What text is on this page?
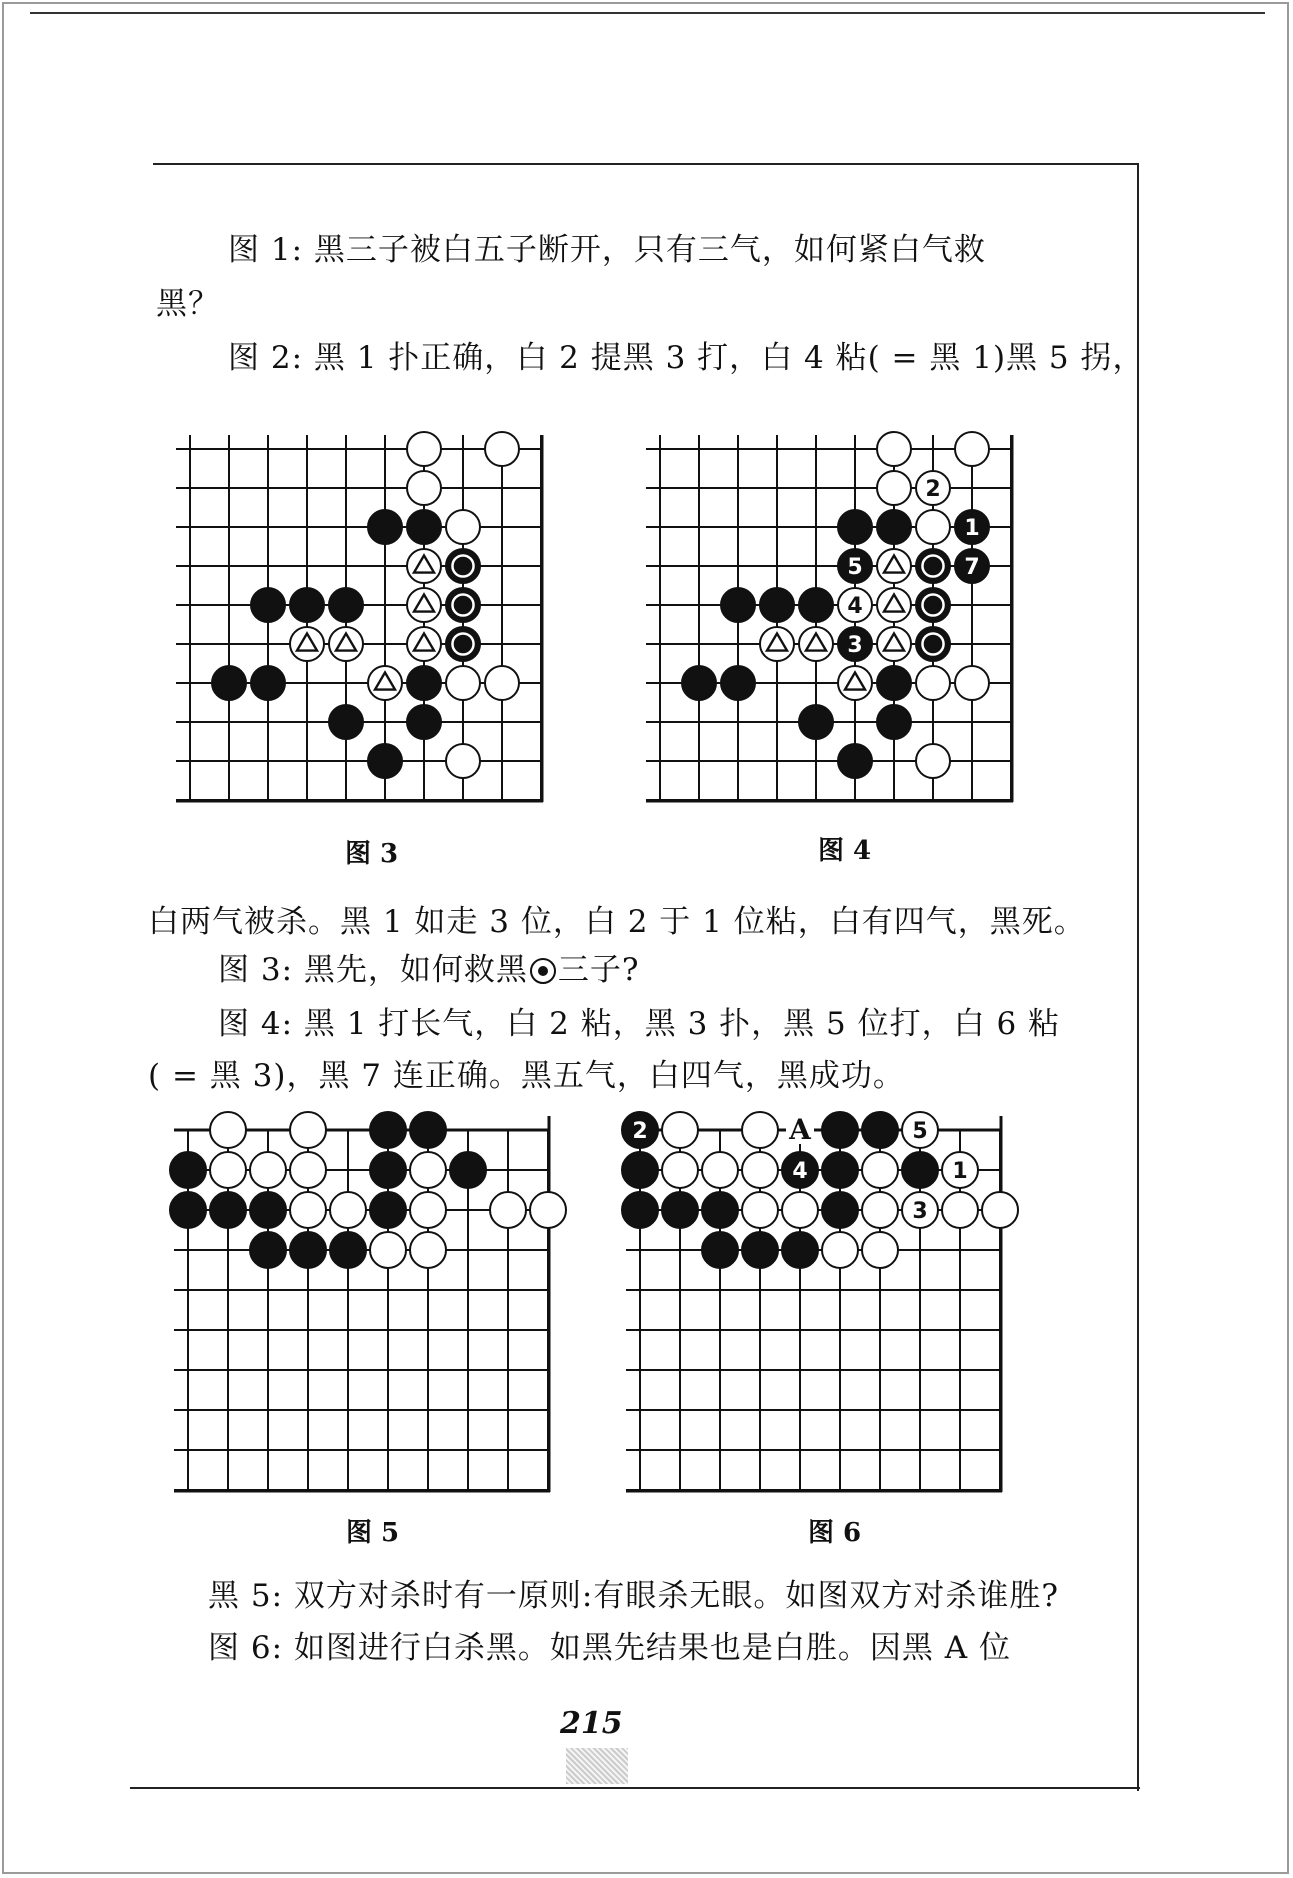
图 1: 黑三子被白五子断开，只有三气，如何紧白气救
黑？
图 2: 黑 1 扑正确，白 2 提黑 3 打，白 4 粘( = 黑 1)黑 5 拐，
2
1
5	7
4
3
图 3	图 4
白两气被杀。黑 1 如走 3 位，白 2 于 1 位粘，白有四气，黑死。
图 3: 黑先，如何救黑 三子?
图 4: 黑 1 打长气，白 2 粘，黑 3 扑，黑 5 位打，白 6 粘
( = 黑 3)，黑 7 连正确。黑五气，白四气，黑成功。
A
2	5
4	1
3
图 5	图 6
黑 5: 双方对杀时有一原则:有眼杀无眼。如图双方对杀谁胜?
图 6: 如图进行白杀黑。如黑先结果也是白胜。因黑 A 位
215
